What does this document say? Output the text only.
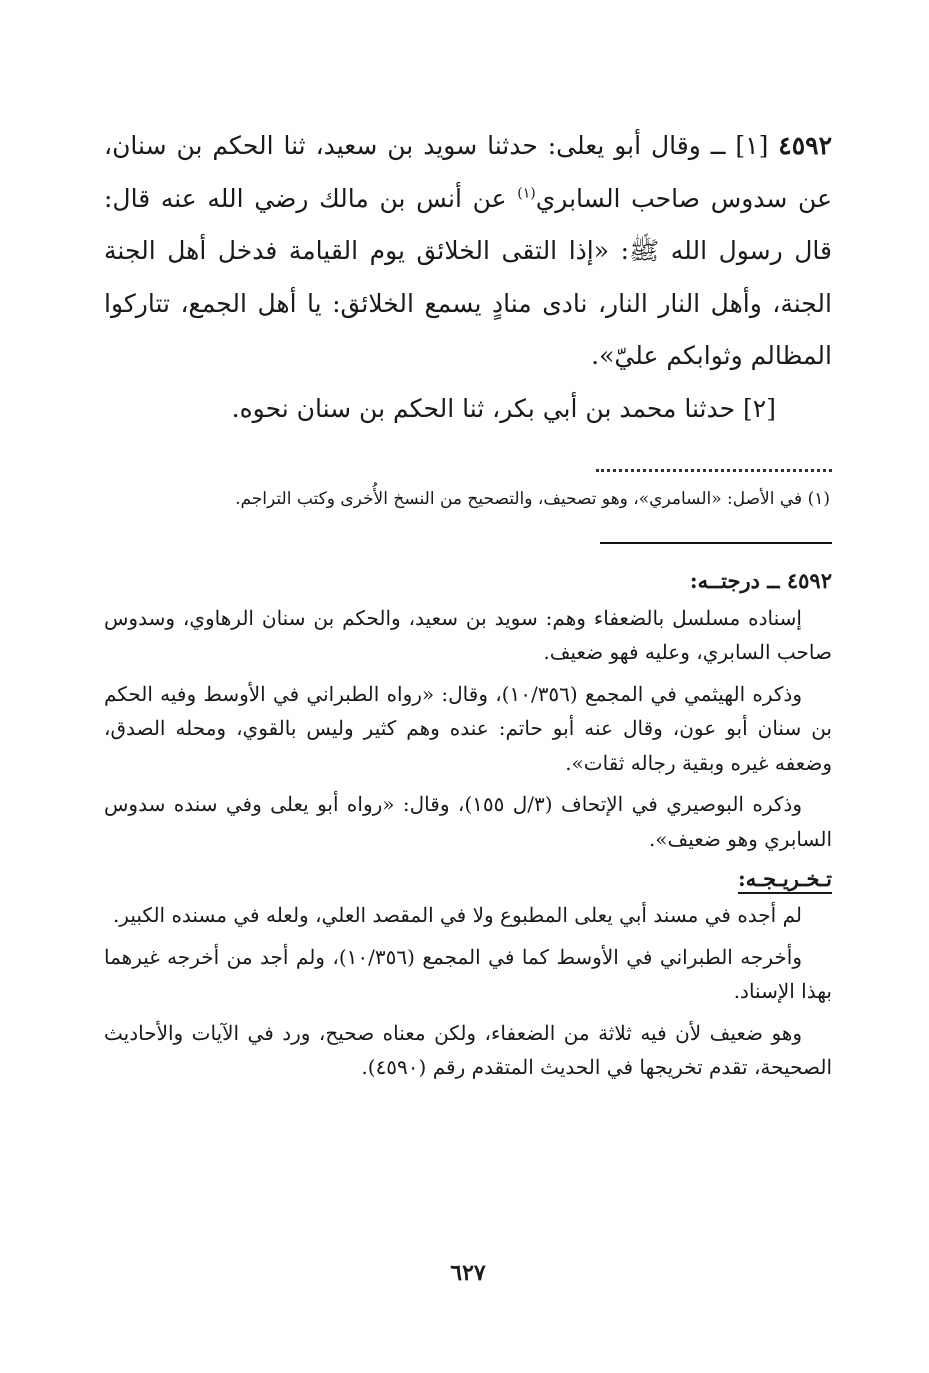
٤٥٩٢ [١] ــ وقال أبو يعلى: حدثنا سويد بن سعيد، ثنا الحكم بن سنان، عن سدوس صاحب السابري$^{(١)}$ عن أنس بن مالك رضي الله عنه قال: قال رسول الله ﷺ: «إذا التقى الخلائق يوم القيامة فدخل أهل الجنة الجنة، وأهل النار النار، نادى منادٍ يسمع الخلائق: يا أهل الجمع، تتاركوا المظالم وثوابكم عليّ».

[٢] حدثنا محمد بن أبي بكر، ثنا الحكم بن سنان نحوه.

(١) في الأصل: «السامري»، وهو تصحيف، والتصحيح من النسخ الأُخرى وكتب التراجم.

٤٥٩٢ ــ درجتــه:

إسناده مسلسل بالضعفاء وهم: سويد بن سعيد، والحكم بن سنان الرهاوي، وسدوس صاحب السابري، وعليه فهو ضعيف.

وذكره الهيثمي في المجمع (١٠/٣٥٦)، وقال: «رواه الطبراني في الأوسط وفيه الحكم بن سنان أبو عون، وقال عنه أبو حاتم: عنده وهم كثير وليس بالقوي، ومحله الصدق، وضعفه غيره وبقية رجاله ثقات».

وذكره البوصيري في الإتحاف (٣/ل ١٥٥)، وقال: «رواه أبو يعلى وفي سنده سدوس السابري وهو ضعيف».

تـخـريـجـه:

لم أجده في مسند أبي يعلى المطبوع ولا في المقصد العلي، ولعله في مسنده الكبير.

وأخرجه الطبراني في الأوسط كما في المجمع (١٠/٣٥٦)، ولم أجد من أخرجه غيرهما بهذا الإسناد.

وهو ضعيف لأن فيه ثلاثة من الضعفاء، ولكن معناه صحيح، ورد في الآيات والأحاديث الصحيحة، تقدم تخريجها في الحديث المتقدم رقم (٤٥٩٠).

٦٢٧
